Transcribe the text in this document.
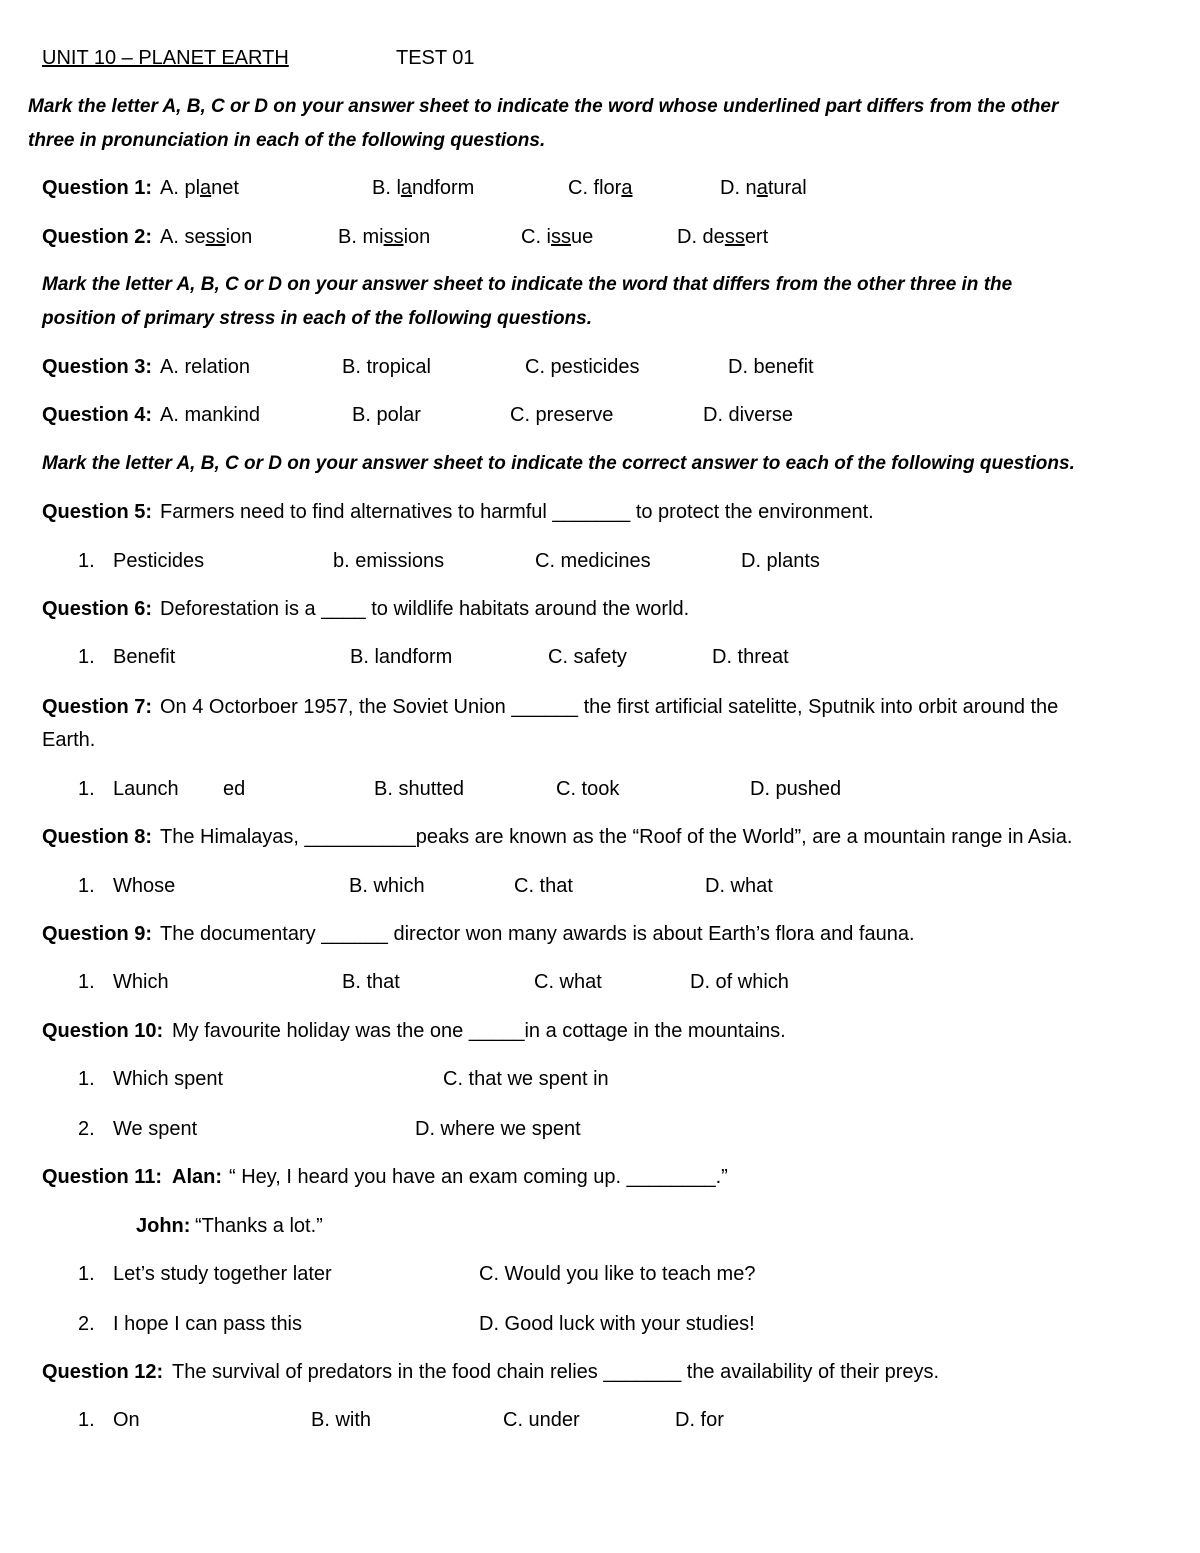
UNIT 10 – PLANET EARTH	TEST 01
Mark the letter A, B, C or D on your answer sheet to indicate the word whose underlined part differs from the other
three in pronunciation in each of the following questions.
Question 1: A. planet	B. landform	C. flora	D. natural
Question 2: A. session	B. mission	C. issue	D. dessert
Mark the letter A, B, C or D on your answer sheet to indicate the word that differs from the other three in the
position of primary stress in each of the following questions.
Question 3: A. relation	B. tropical	C. pesticides	D. benefit
Question 4: A. mankind	B. polar	C. preserve	D. diverse
Mark the letter A, B, C or D on your answer sheet to indicate the correct answer to each of the following questions.
Question 5: Farmers need to find alternatives to harmful _______ to protect the environment.
1. Pesticides	b. emissions	C. medicines	D. plants
Question 6: Deforestation is a ____ to wildlife habitats around the world.
1. Benefit	B. landform	C. safety	D. threat
Question 7: On 4 Octorboer 1957, the Soviet Union ______ the first artificial satelitte, Sputnik into orbit around the
Earth.
1. Launch ed	B. shutted	C. took	D. pushed
Question 8: The Himalayas, __________peaks are known as the “Roof of the World”, are a mountain range in Asia.
1. Whose	B. which	C. that	D. what
Question 9: The documentary ______ director won many awards is about Earth’s flora and fauna.
1. Which	B. that	C. what	D. of which
Question 10: My favourite holiday was the one _____in a cottage in the mountains.
1. Which spent	C. that we spent in
2. We spent	D. where we spent
Question 11: Alan: “ Hey, I heard you have an exam coming up. ________.”
John: “Thanks a lot.”
1. Let’s study together later	C. Would you like to teach me?
2. I hope I can pass this	D. Good luck with your studies!
Question 12: The survival of predators in the food chain relies _______ the availability of their preys.
1. On	B. with	C. under	D. for
